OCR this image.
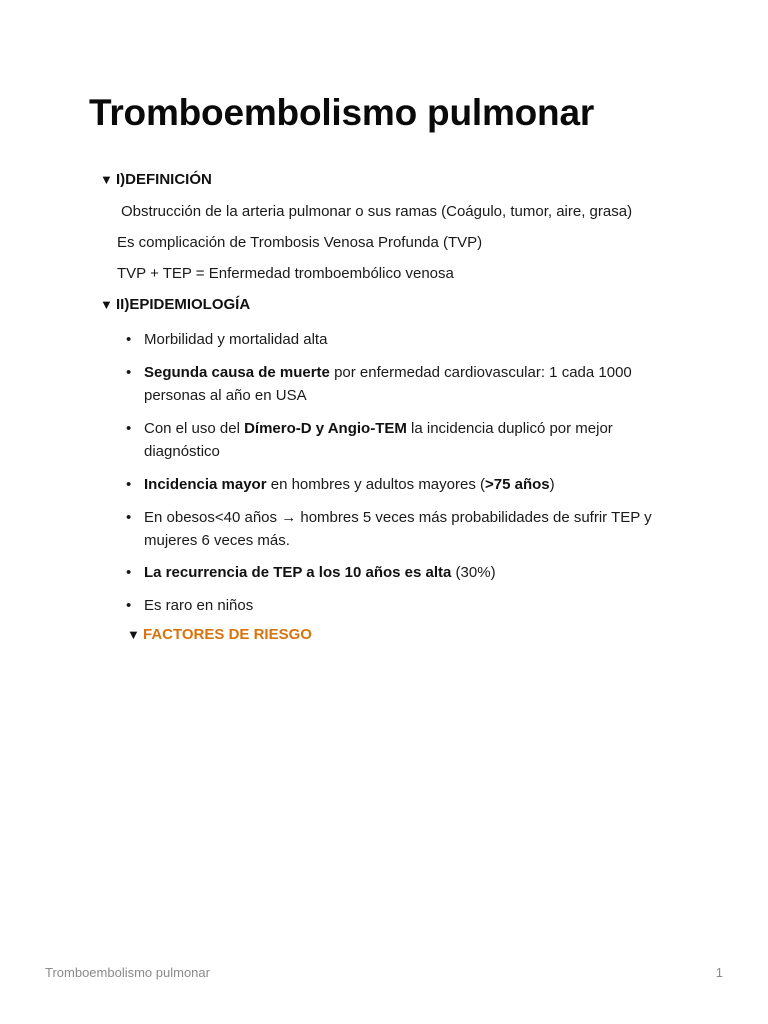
Tromboembolismo pulmonar
▼ I)DEFINICIÓN
Obstrucción de la arteria pulmonar o sus ramas (Coágulo, tumor, aire, grasa)
Es complicación de Trombosis Venosa Profunda (TVP)
TVP + TEP = Enfermedad tromboembólico venosa
▼ II)EPIDEMIOLOGÍA
• Morbilidad y mortalidad alta
• Segunda causa de muerte por enfermedad cardiovascular: 1 cada 1000 personas al año en USA
• Con el uso del Dímero-D y Angio-TEM la incidencia duplicó por mejor diagnóstico
• Incidencia mayor en hombres y adultos mayores (>75 años)
• En obesos<40 años → hombres 5 veces más probabilidades de sufrir TEP y mujeres 6 veces más.
• La recurrencia de TEP a los 10 años es alta (30%)
• Es raro en niños
▼ FACTORES DE RIESGO
Tromboembolismo pulmonar	1
